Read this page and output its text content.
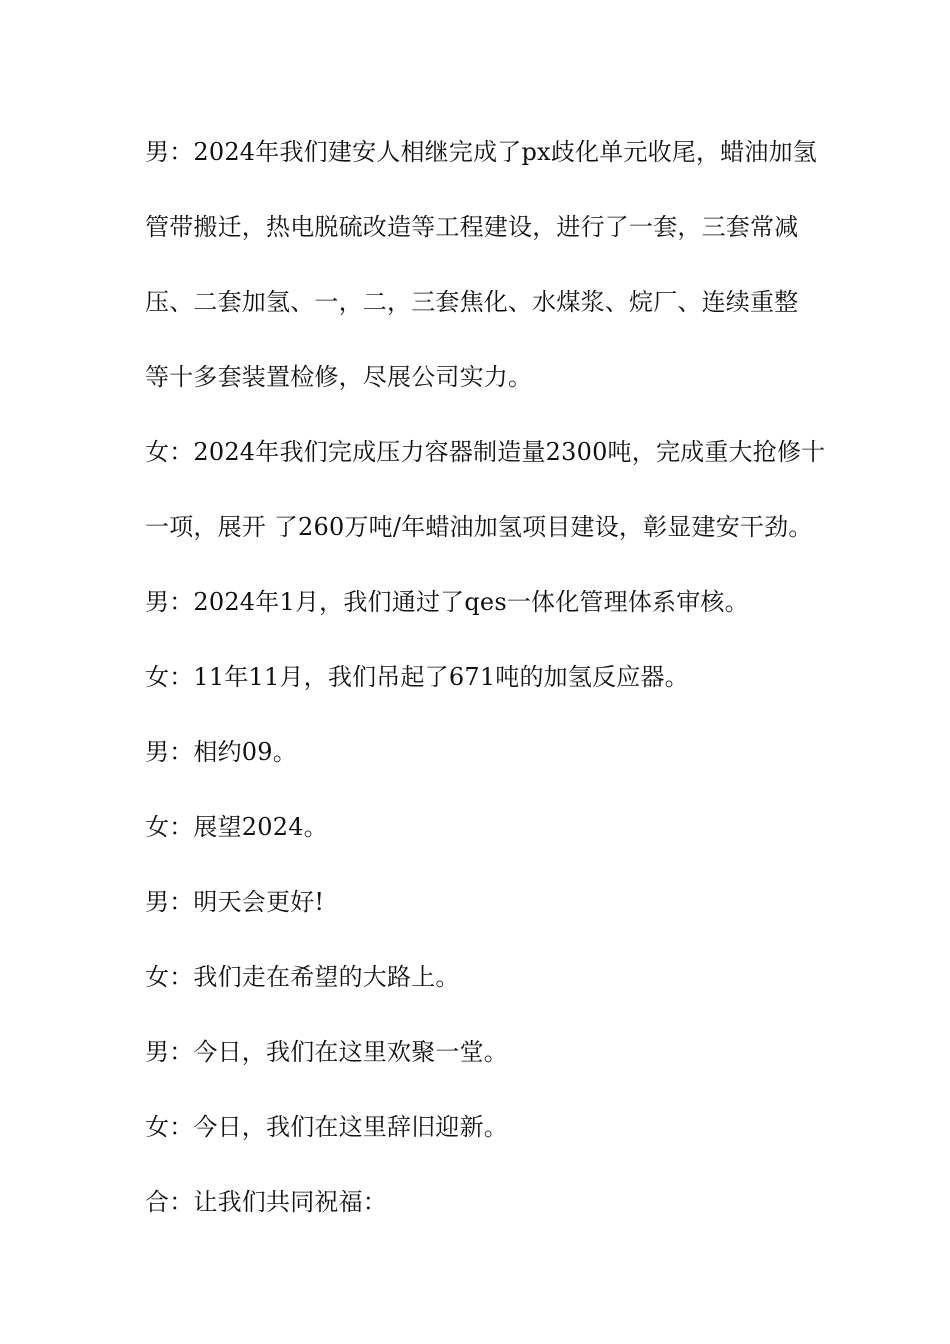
男：2024年我们建安人相继完成了px歧化单元收尾，蜡油加氢
管带搬迁，热电脱硫改造等工程建设，进行了一套，三套常减
压、二套加氢、一，二，三套焦化、水煤浆、烷厂、连续重整
等十多套装置检修，尽展公司实力。
女：2024年我们完成压力容器制造量2300吨，完成重大抢修十
一项，展开 了260万吨/年蜡油加氢项目建设，彰显建安干劲。
男：2024年1月，我们通过了qes一体化管理体系审核。
女：11年11月，我们吊起了671吨的加氢反应器。
男：相约09。
女：展望2024。
男：明天会更好!
女：我们走在希望的大路上。
男：今日，我们在这里欢聚一堂。
女：今日，我们在这里辞旧迎新。
合：让我们共同祝福：
